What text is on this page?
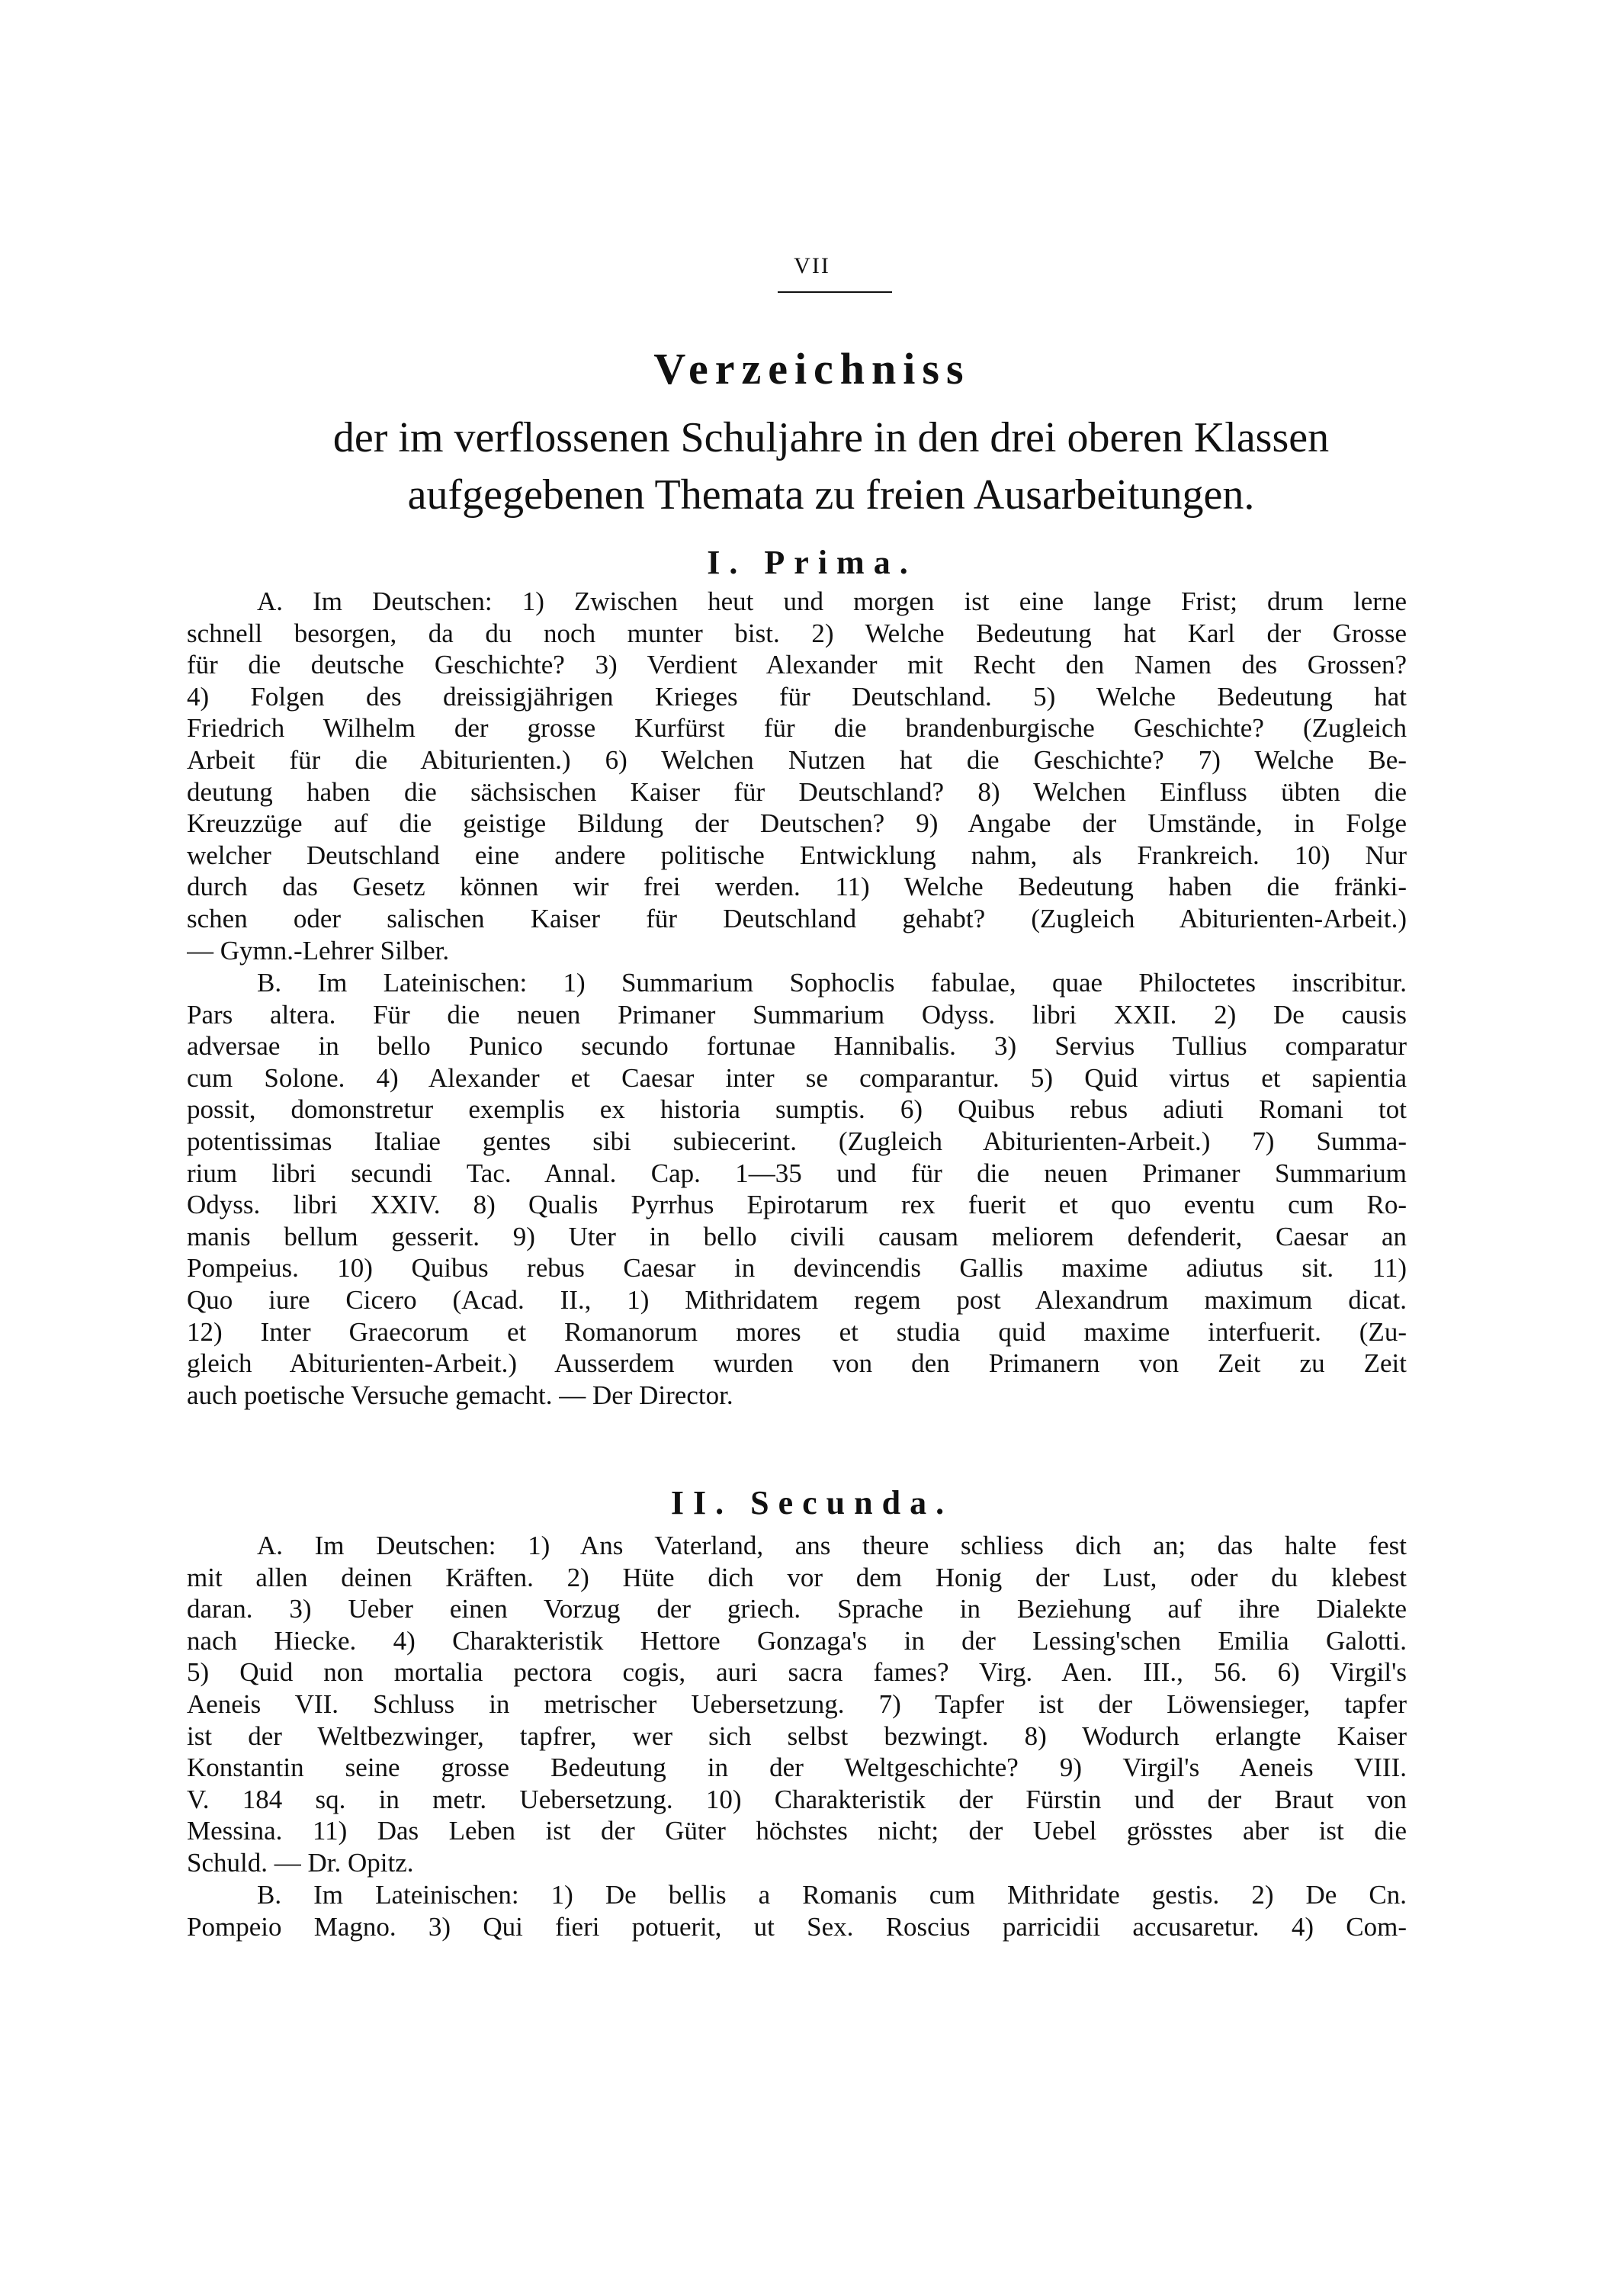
VII
Verzeichniss
der im verflossenen Schuljahre in den drei oberen Klassen
aufgegebenen Themata zu freien Ausarbeitungen.
I. Prima.
A. Im Deutschen: 1) Zwischen heut und morgen ist eine lange Frist; drum lerne
schnell besorgen, da du noch munter bist. 2) Welche Bedeutung hat Karl der Grosse
für die deutsche Geschichte? 3) Verdient Alexander mit Recht den Namen des Grossen?
4) Folgen des dreissigjährigen Krieges für Deutschland. 5) Welche Bedeutung hat
Friedrich Wilhelm der grosse Kurfürst für die brandenburgische Geschichte? (Zugleich
Arbeit für die Abiturienten.) 6) Welchen Nutzen hat die Geschichte? 7) Welche Be-
deutung haben die sächsischen Kaiser für Deutschland? 8) Welchen Einfluss übten die
Kreuzzüge auf die geistige Bildung der Deutschen? 9) Angabe der Umstände, in Folge
welcher Deutschland eine andere politische Entwicklung nahm, als Frankreich. 10) Nur
durch das Gesetz können wir frei werden. 11) Welche Bedeutung haben die fränki-
schen oder salischen Kaiser für Deutschland gehabt? (Zugleich Abiturienten-Arbeit.)
— Gymn.-Lehrer Silber.
B. Im Lateinischen: 1) Summarium Sophoclis fabulae, quae Philoctetes inscribitur.
Pars altera. Für die neuen Primaner Summarium Odyss. libri XXII. 2) De causis
adversae in bello Punico secundo fortunae Hannibalis. 3) Servius Tullius comparatur
cum Solone. 4) Alexander et Caesar inter se comparantur. 5) Quid virtus et sapientia
possit, domonstretur exemplis ex historia sumptis. 6) Quibus rebus adiuti Romani tot
potentissimas Italiae gentes sibi subiecerint. (Zugleich Abiturienten-Arbeit.) 7) Summa-
rium libri secundi Tac. Annal. Cap. 1—35 und für die neuen Primaner Summarium
Odyss. libri XXIV. 8) Qualis Pyrrhus Epirotarum rex fuerit et quo eventu cum Ro-
manis bellum gesserit. 9) Uter in bello civili causam meliorem defenderit, Caesar an
Pompeius. 10) Quibus rebus Caesar in devincendis Gallis maxime adiutus sit. 11)
Quo iure Cicero (Acad. II., 1) Mithridatem regem post Alexandrum maximum dicat.
12) Inter Graecorum et Romanorum mores et studia quid maxime interfuerit. (Zu-
gleich Abiturienten-Arbeit.) Ausserdem wurden von den Primanern von Zeit zu Zeit
auch poetische Versuche gemacht. — Der Director.
II. Secunda.
A. Im Deutschen: 1) Ans Vaterland, ans theure schliess dich an; das halte fest
mit allen deinen Kräften. 2) Hüte dich vor dem Honig der Lust, oder du klebest
daran. 3) Ueber einen Vorzug der griech. Sprache in Beziehung auf ihre Dialekte
nach Hiecke. 4) Charakteristik Hettore Gonzaga's in der Lessing'schen Emilia Galotti.
5) Quid non mortalia pectora cogis, auri sacra fames? Virg. Aen. III., 56. 6) Virgil's
Aeneis VII. Schluss in metrischer Uebersetzung. 7) Tapfer ist der Löwensieger, tapfer
ist der Weltbezwinger, tapfrer, wer sich selbst bezwingt. 8) Wodurch erlangte Kaiser
Konstantin seine grosse Bedeutung in der Weltgeschichte? 9) Virgil's Aeneis VIII.
V. 184 sq. in metr. Uebersetzung. 10) Charakteristik der Fürstin und der Braut von
Messina. 11) Das Leben ist der Güter höchstes nicht; der Uebel grösstes aber ist die
Schuld. — Dr. Opitz.
B. Im Lateinischen: 1) De bellis a Romanis cum Mithridate gestis. 2) De Cn.
Pompeio Magno. 3) Qui fieri potuerit, ut Sex. Roscius parricidii accusaretur. 4) Com-
